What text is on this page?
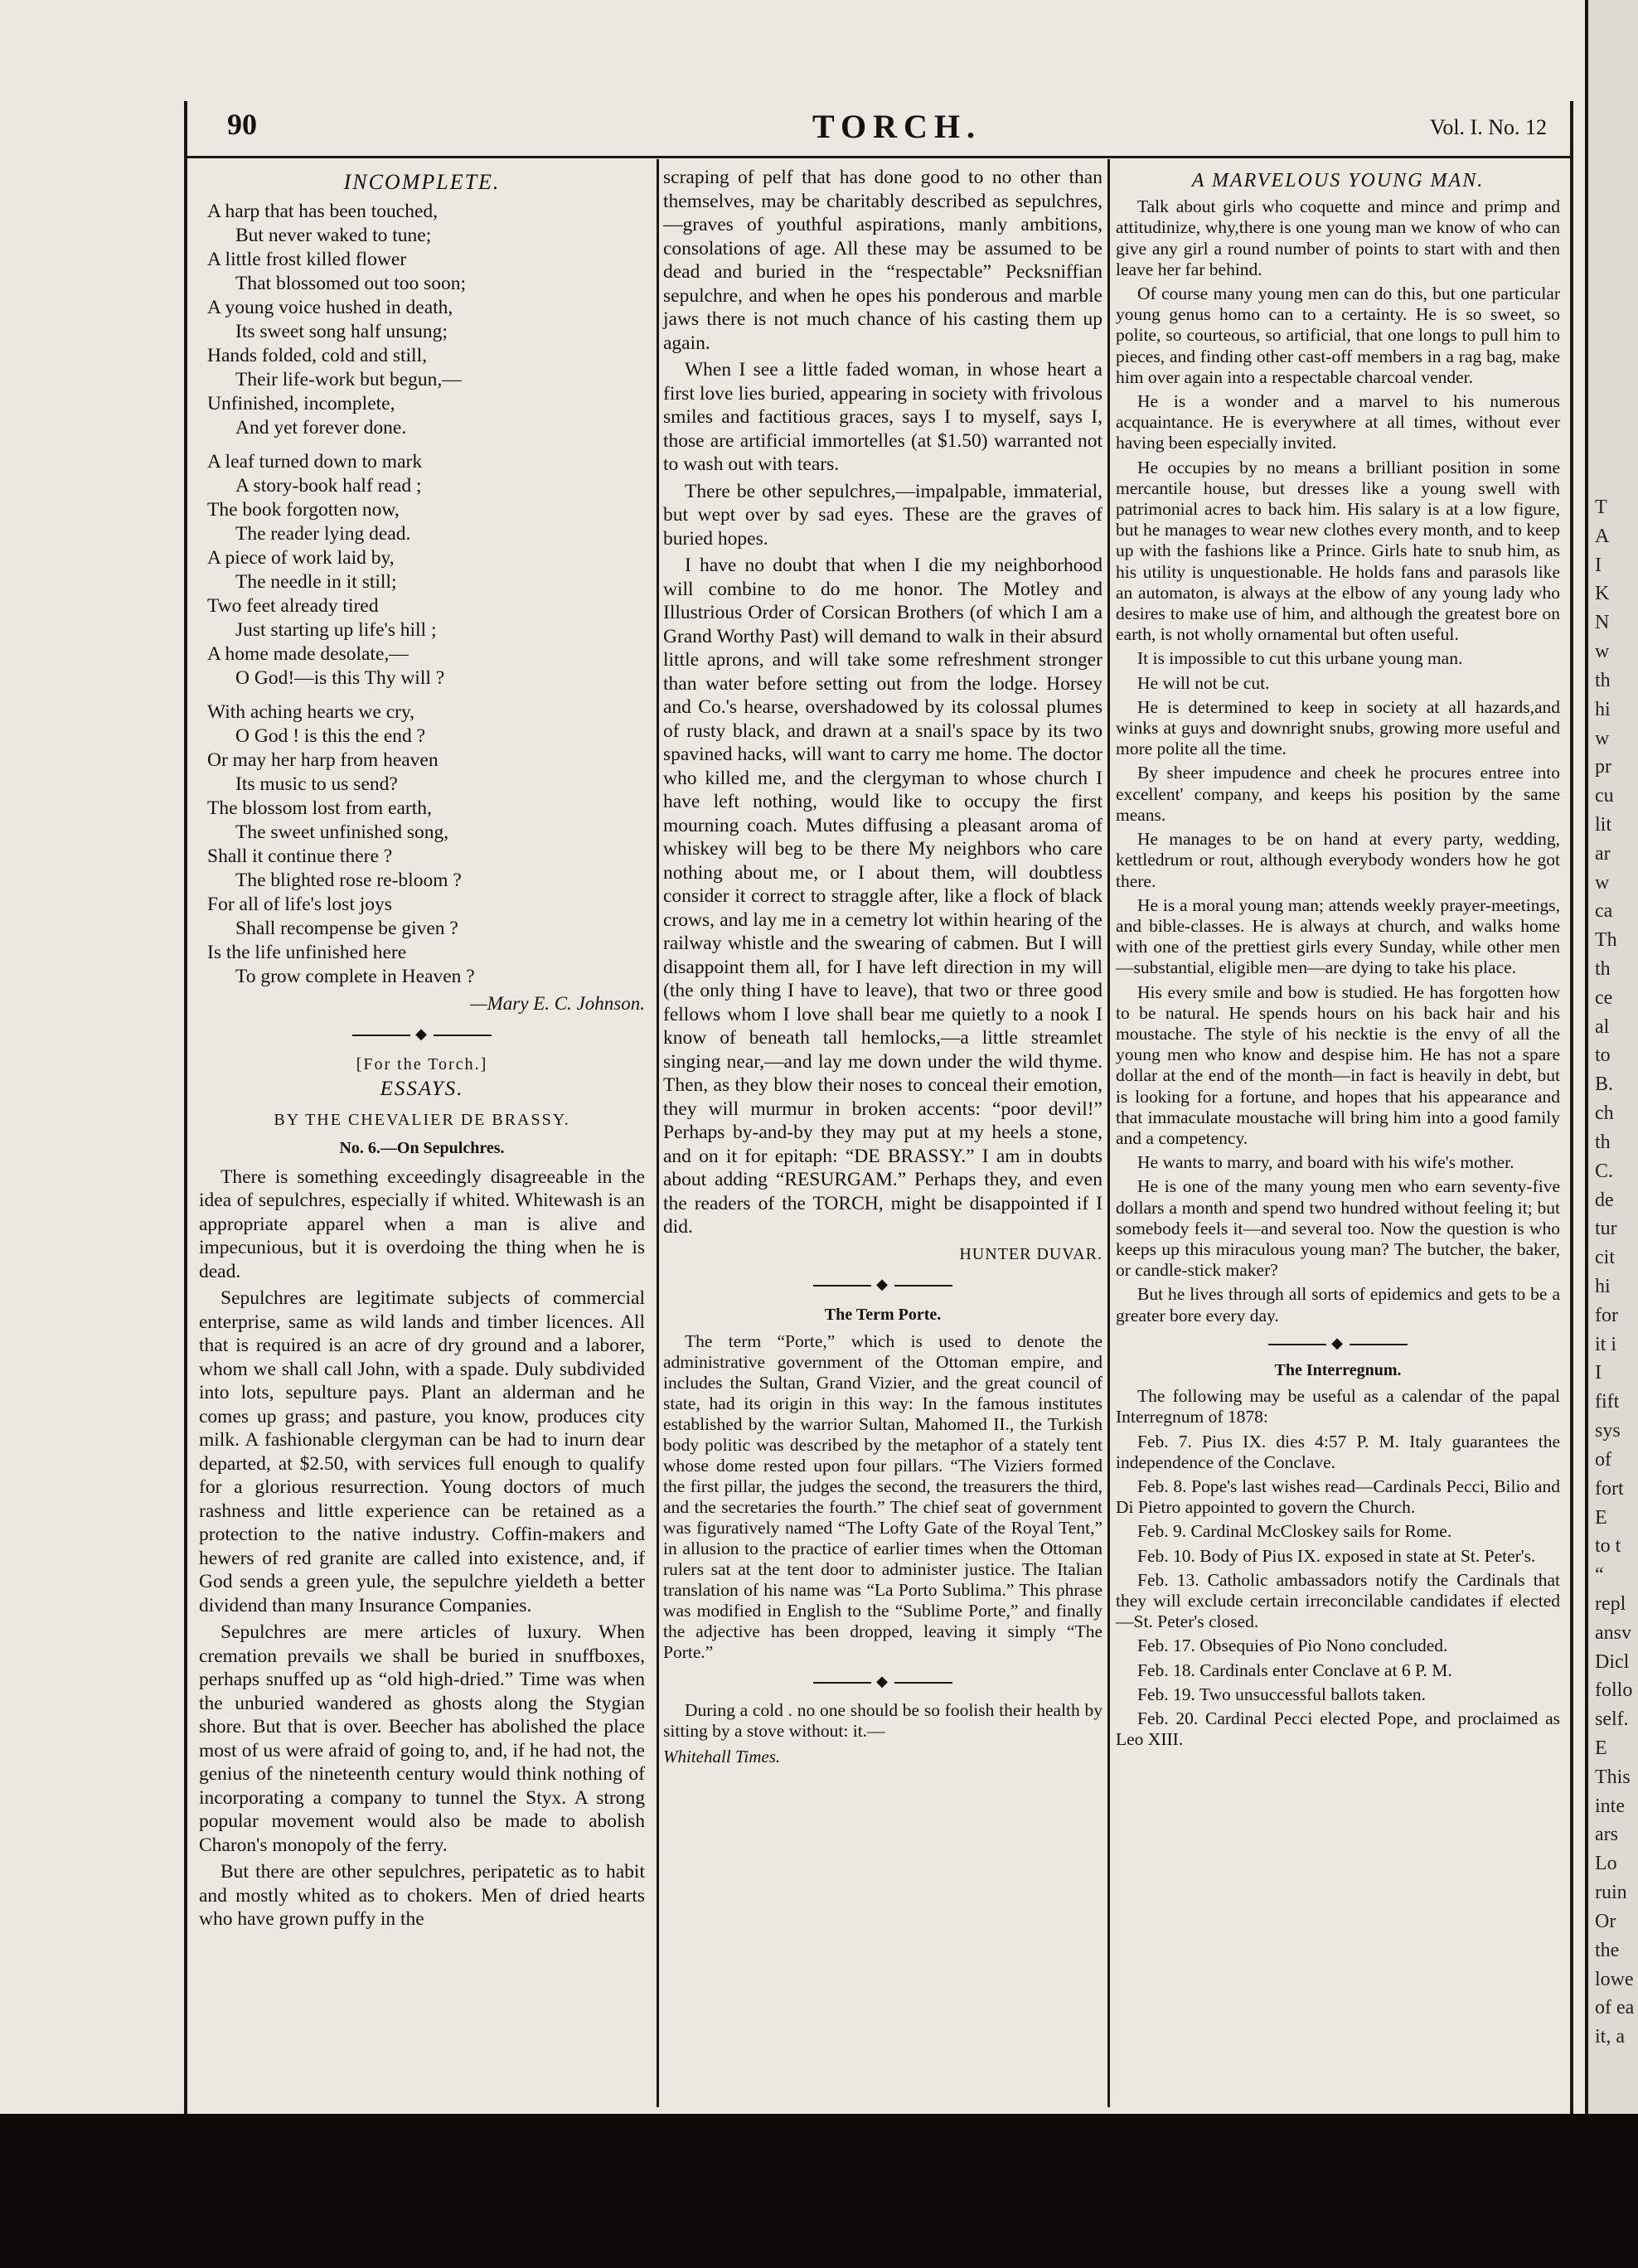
90	TORCH.	Vol. I. No. 12
INCOMPLETE.
A harp that has been touched,
But never waked to tune;
A little frost killed flower
That blossomed out too soon;
A young voice hushed in death,
Its sweet song half unsung;
Hands folded, cold and still,
Their life-work but begun,—
Unfinished, incomplete,
And yet forever done.
A leaf turned down to mark
A story-book half read ;
The book forgotten now,
The reader lying dead.
A piece of work laid by,
The needle in it still;
Two feet already tired
Just starting up life's hill ;
A home made desolate,—
O God!—is this Thy will ?
With aching hearts we cry,
O God ! is this the end ?
Or may her harp from heaven
Its music to us send?
The blossom lost from earth,
The sweet unfinished song,
Shall it continue there ?
The blighted rose re-bloom ?
For all of life's lost joys
Shall recompense be given ?
Is the life unfinished here
To grow complete in Heaven ?
—Mary E. C. Johnson.
◆
[For the Torch.]
ESSAYS.
BY THE CHEVALIER DE BRASSY.
No. 6.—On Sepulchres.

There is something exceedingly disagreeable in the idea of sepulchres, especially if whited. Whitewash is an appropriate apparel when a man is alive and impecunious, but it is overdoing the thing when he is dead.

Sepulchres are legitimate subjects of commercial enterprise, same as wild lands and timber licences. All that is required is an acre of dry ground and a laborer, whom we shall call John, with a spade. Duly subdivided into lots, sepulture pays. Plant an alderman and he comes up grass; and pasture, you know, produces city milk. A fashionable clergyman can be had to inurn dear departed, at $2.50, with services full enough to qualify for a glorious resurrection. Young doctors of much rashness and little experience can be retained as a protection to the native industry. Coffin-makers and hewers of red granite are called into existence, and, if God sends a green yule, the sepulchre yieldeth a better dividend than many Insurance Companies.

Sepulchres are mere articles of luxury. When cremation prevails we shall be buried in snuffboxes, perhaps snuffed up as “old high-dried.” Time was when the unburied wandered as ghosts along the Stygian shore. But that is over. Beecher has abolished the place most of us were afraid of going to, and, if he had not, the genius of the nineteenth century would think nothing of incorporating a company to tunnel the Styx. A strong popular movement would also be made to abolish Charon's monopoly of the ferry.

But there are other sepulchres, peripatetic as to habit and mostly whited as to chokers. Men of dried hearts who have grown puffy in the

scraping of pelf that has done good to no other than themselves, may be charitably described as sepulchres,—graves of youthful aspirations, manly ambitions, consolations of age. All these may be assumed to be dead and buried in the “respectable” Pecksniffian sepulchre, and when he opes his ponderous and marble jaws there is not much chance of his casting them up again.

When I see a little faded woman, in whose heart a first love lies buried, appearing in society with frivolous smiles and factitious graces, says I to myself, says I, those are artificial immortelles (at $1.50) warranted not to wash out with tears.

There be other sepulchres,—impalpable, immaterial, but wept over by sad eyes. These are the graves of buried hopes.

I have no doubt that when I die my neighborhood will combine to do me honor. The Motley and Illustrious Order of Corsican Brothers (of which I am a Grand Worthy Past) will demand to walk in their absurd little aprons, and will take some refreshment stronger than water before setting out from the lodge. Horsey and Co.'s hearse, overshadowed by its colossal plumes of rusty black, and drawn at a snail's space by its two spavined hacks, will want to carry me home. The doctor who killed me, and the clergyman to whose church I have left nothing, would like to occupy the first mourning coach. Mutes diffusing a pleasant aroma of whiskey will beg to be there My neighbors who care nothing about me, or I about them, will doubtless consider it correct to straggle after, like a flock of black crows, and lay me in a cemetry lot within hearing of the railway whistle and the swearing of cabmen. But I will disappoint them all, for I have left direction in my will (the only thing I have to leave), that two or three good fellows whom I love shall bear me quietly to a nook I know of beneath tall hemlocks,—a little streamlet singing near,—and lay me down under the wild thyme. Then, as they blow their noses to conceal their emotion, they will murmur in broken accents: “poor devil!” Perhaps by-and-by they may put at my heels a stone, and on it for epitaph: “DE BRASSY.” I am in doubts about adding “RESURGAM.” Perhaps they, and even the readers of the TORCH, might be disappointed if I did.

HUNTER DUVAR.
◆
The Term Porte.

The term “Porte,” which is used to denote the administrative government of the Ottoman empire, and includes the Sultan, Grand Vizier, and the great council of state, had its origin in this way: In the famous institutes established by the warrior Sultan, Mahomed II., the Turkish body politic was described by the metaphor of a stately tent whose dome rested upon four pillars. “The Viziers formed the first pillar, the judges the second, the treasurers the third, and the secretaries the fourth.” The chief seat of government was figuratively named “The Lofty Gate of the Royal Tent,” in allusion to the practice of earlier times when the Ottoman rulers sat at the tent door to administer justice. The Italian translation of his name was “La Porto Sublima.” This phrase was modified in English to the “Sublime Porte,” and finally the adjective has been dropped, leaving it simply “The Porte.”

◆

During a cold . no one should be so foolish their health by sitting by a stove without: it.—

Whitehall Times.
A MARVELOUS YOUNG MAN.

Talk about girls who coquette and mince and primp and attitudinize, why,there is one young man we know of who can give any girl a round number of points to start with and then leave her far behind.

Of course many young men can do this, but one particular young genus homo can to a certainty. He is so sweet, so polite, so courteous, so artificial, that one longs to pull him to pieces, and finding other cast-off members in a rag bag, make him over again into a respectable charcoal vender.

He is a wonder and a marvel to his numerous acquaintance. He is everywhere at all times, without ever having been especially invited.

He occupies by no means a brilliant position in some mercantile house, but dresses like a young swell with patrimonial acres to back him. His salary is at a low figure, but he manages to wear new clothes every month, and to keep up with the fashions like a Prince. Girls hate to snub him, as his utility is unquestionable. He holds fans and parasols like an automaton, is always at the elbow of any young lady who desires to make use of him, and although the greatest bore on earth, is not wholly ornamental but often useful.

It is impossible to cut this urbane young man.

He will not be cut.

He is determined to keep in society at all hazards,and winks at guys and downright snubs, growing more useful and more polite all the time.

By sheer impudence and cheek he procures entree into excellent' company, and keeps his position by the same means.

He manages to be on hand at every party, wedding, kettledrum or rout, although everybody wonders how he got there.

He is a moral young man; attends weekly prayer-meetings, and bible-classes. He is always at church, and walks home with one of the prettiest girls every Sunday, while other men—substantial, eligible men—are dying to take his place.

His every smile and bow is studied. He has forgotten how to be natural. He spends hours on his back hair and his moustache. The style of his necktie is the envy of all the young men who know and despise him. He has not a spare dollar at the end of the month—in fact is heavily in debt, but is looking for a fortune, and hopes that his appearance and that immaculate moustache will bring him into a good family and a competency.

He wants to marry, and board with his wife's mother.

He is one of the many young men who earn seventy-five dollars a month and spend two hundred without feeling it; but somebody feels it—and several too. Now the question is who keeps up this miraculous young man? The butcher, the baker, or candle-stick maker?

But he lives through all sorts of epidemics and gets to be a greater bore every day.

◆
The Interregnum.

The following may be useful as a calendar of the papal Interregnum of 1878:

Feb. 7. Pius IX. dies 4:57 P. M. Italy guarantees the independence of the Conclave.

Feb. 8. Pope's last wishes read—Cardinals Pecci, Bilio and Di Pietro appointed to govern the Church.

Feb. 9. Cardinal McCloskey sails for Rome.

Feb. 10. Body of Pius IX. exposed in state at St. Peter's.

Feb. 13. Catholic ambassadors notify the Cardinals that they will exclude certain irreconcilable candidates if elected—St. Peter's closed.

Feb. 17. Obsequies of Pio Nono concluded.

Feb. 18. Cardinals enter Conclave at 6 P. M.

Feb. 19. Two unsuccessful ballots taken.

Feb. 20. Cardinal Pecci elected Pope, and proclaimed as Leo XIII.

T
A
I
K
N
w
th
hi
w
pr
cu
lit
ar
w
ca
Th
th
ce
al
to
B.
ch
th
C.
de
tur
cit
hi
for
it i
I
fift
sys
of
fort
E
to t
“
repl
ansv
Dicl
follo
self.
E
This
inte
ars
Lo
ruin
Or
the
lowe
of ea
it, a
